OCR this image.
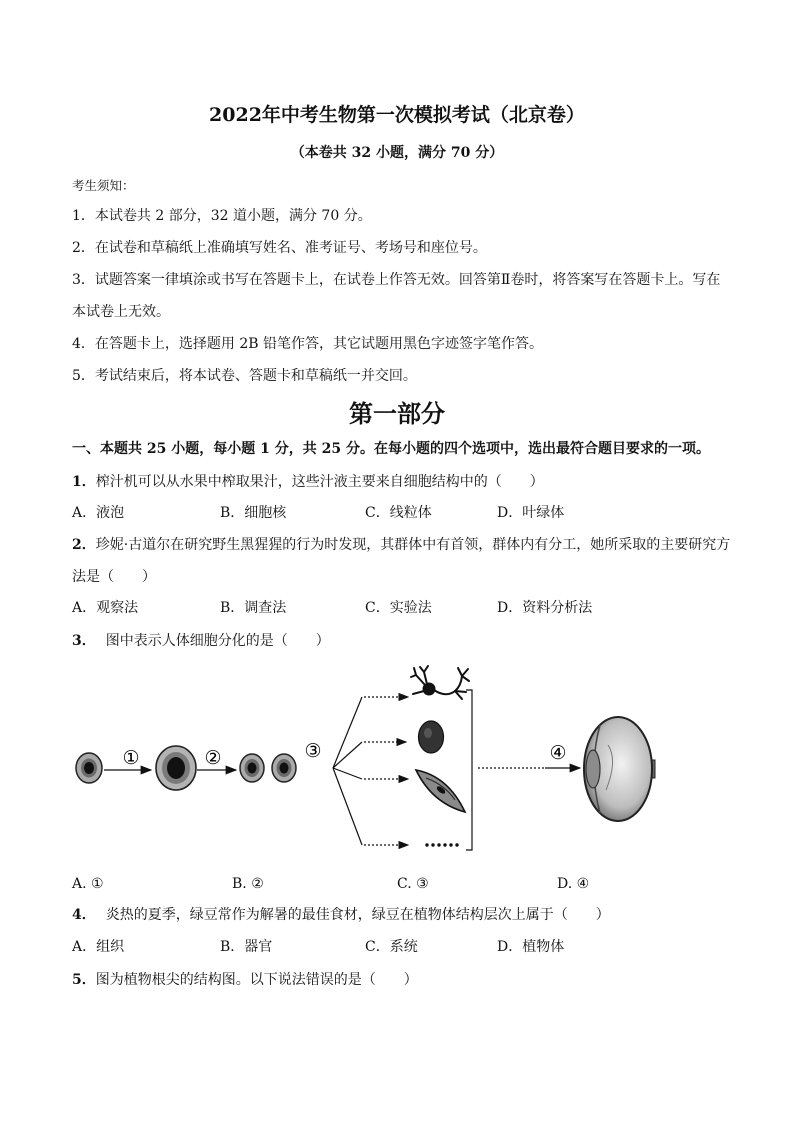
2022年中考生物第一次模拟考试（北京卷）
（本卷共 32 小题，满分 70 分）
考生须知：
1．本试卷共 2 部分，32 道小题，满分 70 分。
2．在试卷和草稿纸上准确填写姓名、准考证号、考场号和座位号。
3．试题答案一律填涂或书写在答题卡上，在试卷上作答无效。回答第Ⅱ卷时，将答案写在答题卡上。写在
本试卷上无效。
4．在答题卡上，选择题用 2B 铅笔作答，其它试题用黑色字迹签字笔作答。
5．考试结束后，将本试卷、答题卡和草稿纸一并交回。
第一部分
一、本题共 25 小题，每小题 1 分，共 25 分。在每小题的四个选项中，选出最符合题目要求的一项。
1．榨汁机可以从水果中榨取果汁，这些汁液主要来自细胞结构中的（　　）
A．液泡	B．细胞核	C．线粒体	D．叶绿体
2．珍妮·古道尔在研究野生黑猩猩的行为时发现，其群体中有首领，群体内有分工，她所采取的主要研究方
法是（　　）
A．观察法	B．调查法	C．实验法	D．资料分析法
3． 图中表示人体细胞分化的是（　　）
①	②	③	④
A. ①	B. ②	C. ③	D. ④
4． 炎热的夏季，绿豆常作为解暑的最佳食材，绿豆在植物体结构层次上属于（　　）
A．组织	B．器官	C．系统	D．植物体
5．图为植物根尖的结构图。以下说法错误的是（　　）
